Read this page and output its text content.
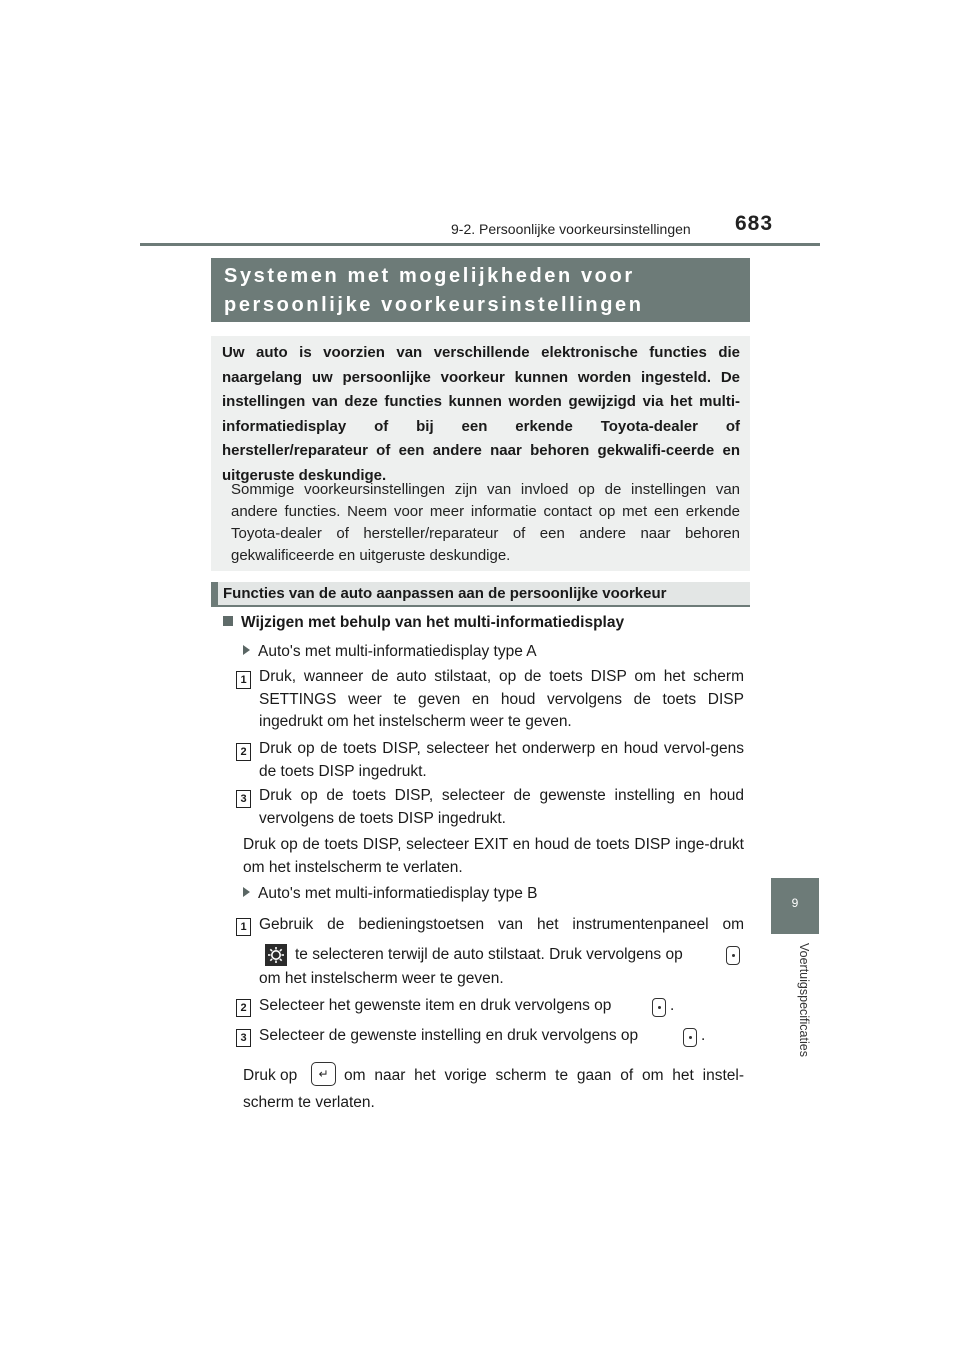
9-2. Persoonlijke voorkeursinstellingen 683
9
Voertuigspecificaties
Systemen met mogelijkheden voor
persoonlijke voorkeursinstellingen
Uw auto is voorzien van verschillende elektronische functies die naargelang uw persoonlijke voorkeur kunnen worden ingesteld. De instellingen van deze functies kunnen worden gewijzigd via het multi-informatiedisplay of bij een erkende Toyota-dealer of hersteller/reparateur of een andere naar behoren gekwalifi-ceerde en uitgeruste deskundige.
Sommige voorkeursinstellingen zijn van invloed op de instellingen van andere functies. Neem voor meer informatie contact op met een erkende Toyota-dealer of hersteller/reparateur of een andere naar behoren gekwalificeerde en uitgeruste deskundige.
Functies van de auto aanpassen aan de persoonlijke voorkeur
Wijzigen met behulp van het multi-informatiedisplay
Auto's met multi-informatiedisplay type A
1 Druk, wanneer de auto stilstaat, op de toets DISP om het scherm SETTINGS weer te geven en houd vervolgens de toets DISP ingedrukt om het instelscherm weer te geven.
2 Druk op de toets DISP, selecteer het onderwerp en houd vervol-gens de toets DISP ingedrukt.
3 Druk op de toets DISP, selecteer de gewenste instelling en houd vervolgens de toets DISP ingedrukt.
Druk op de toets DISP, selecteer EXIT en houd de toets DISP inge-drukt om het instelscherm te verlaten.
Auto's met multi-informatiedisplay type B
1 Gebruik de bedieningstoetsen van het instrumentenpaneel om
te selecteren terwijl de auto stilstaat. Druk vervolgens op
om het instelscherm weer te geven.
2 Selecteer het gewenste item en druk vervolgens op	.
3 Selecteer de gewenste instelling en druk vervolgens op	.
Druk op	↵ om naar het vorige scherm te gaan of om het instel-
scherm te verlaten.
